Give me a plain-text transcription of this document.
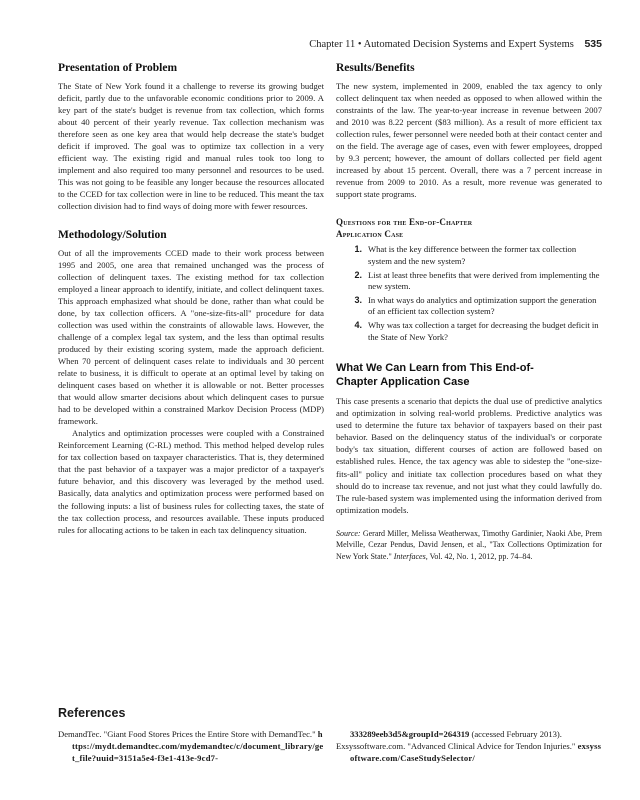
Chapter 11 • Automated Decision Systems and Expert Systems 535
Presentation of Problem

The State of New York found it a challenge to reverse its growing budget deficit, partly due to the unfavorable economic conditions prior to 2009. A key part of the state's budget is revenue from tax collection, which forms about 40 percent of their yearly revenue. Tax collection mechanism was therefore seen as one key area that would help decrease the state's budget deficit if improved. The goal was to optimize tax collection in a very efficient way. The existing rigid and manual rules took too long to implement and also required too many personnel and resources to be used. This was not going to be feasible any longer because the resources allocated to the CCED for tax collection were in line to be reduced. This meant the tax collection division had to find ways of doing more with fewer resources.

Methodology/Solution

Out of all the improvements CCED made to their work process between 1995 and 2005, one area that remained unchanged was the process of collection of delinquent taxes. The existing method for tax collection employed a linear approach to identify, initiate, and collect delinquent taxes. This approach emphasized what should be done, rather than what could be done, by tax collection officers. A "one-size-fits-all" procedure for data collection was used within the constraints of allowable laws. However, the challenge of a complex legal tax system, and the less than optimal results produced by their existing scoring system, made the approach deficient. When 70 percent of delinquent cases relate to individuals and 30 percent relate to business, it is difficult to operate at an optimal level by taking on delinquent cases based on whether it is allowable or not. Better processes that would allow smarter decisions about which delinquent cases to pursue had to be developed within a constrained Markov Decision Process (MDP) framework.

Analytics and optimization processes were coupled with a Constrained Reinforcement Learning (C-RL) method. This method helped develop rules for tax collection based on taxpayer characteristics. That is, they determined that the past behavior of a taxpayer was a major predictor of a taxpayer's future behavior, and this discovery was leveraged by the method used. Basically, data analytics and optimization process were performed based on the following inputs: a list of business rules for collecting taxes, the state of the tax collection process, and resources available. These inputs produced rules for allocating actions to be taken in each tax delinquency situation.

Results/Benefits

The new system, implemented in 2009, enabled the tax agency to only collect delinquent tax when needed as opposed to when allowed within the constraints of the law. The year-to-year increase in revenue between 2007 and 2010 was 8.22 percent ($83 million). As a result of more efficient tax collection rules, fewer personnel were needed both at their contact center and on the field. The average age of cases, even with fewer employees, dropped by 9.3 percent; however, the amount of dollars collected per field agent increased by about 15 percent. Overall, there was a 7 percent increase in revenue from 2009 to 2010. As a result, more revenue was generated to support state programs.

Questions for the End-of-Chapter
Application Case
1. What is the key difference between the former tax collection system and the new system?
2. List at least three benefits that were derived from implementing the new system.
3. In what ways do analytics and optimization support the generation of an efficient tax collection system?
4. Why was tax collection a target for decreasing the budget deficit in the State of New York?
What We Can Learn from This End-of-
Chapter Application Case

This case presents a scenario that depicts the dual use of predictive analytics and optimization in solving real-world problems. Predictive analytics was used to determine the future tax behavior of taxpayers based on their past behavior. Based on the delinquency status of the individual's or corporate body's tax situation, different courses of action are followed based on established rules. Hence, the tax agency was able to sidestep the "one-size-fits-all" policy and initiate tax collection procedures based on what they should do to increase tax revenue, and not just what they could lawfully do. The rule-based system was implemented using the information derived from optimization models.

Source: Gerard Miller, Melissa Weatherwax, Timothy Gardinier, Naoki Abe, Prem Melville, Cezar Pendus, David Jensen, et al., "Tax Collections Optimization for New York State." Interfaces, Vol. 42, No. 1, 2012, pp. 74–84.

References

DemandTec. "Giant Food Stores Prices the Entire Store with DemandTec." https://mydt.demandtec.com/mydemandtec/c/document_library/get_file?uuid=3151a5e4-f3e1-413e-9cd7-

333289eeb3d5&groupId=264319 (accessed February 2013).

Exsyssoftware.com. "Advanced Clinical Advice for Tendon Injuries." exsyssoftware.com/CaseStudySelector/
